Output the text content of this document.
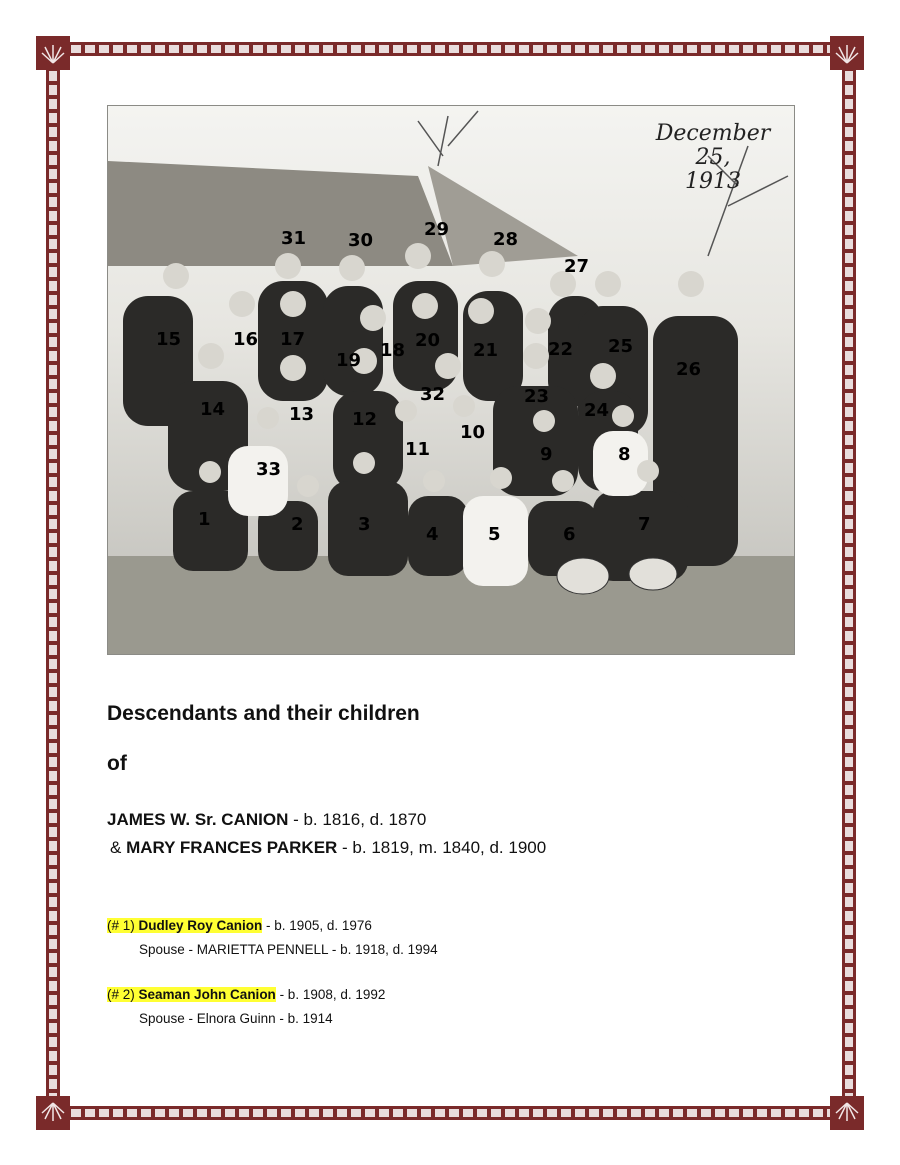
December 25,
1913
1	2	3	4	5	6	7
8
9
10
11
12
13
14
15	16 17
18
19
20 21	22
23
24
25
26
27
28
29
30
31
32
33
Descendants and their children
of
JAMES W. Sr. CANION - b. 1816, d. 1870
& MARY FRANCES PARKER - b. 1819, m. 1840, d. 1900
(# 1) Dudley Roy Canion - b. 1905, d. 1976
Spouse - MARIETTA PENNELL - b. 1918, d. 1994
(# 2) Seaman John Canion - b. 1908, d. 1992
Spouse - Elnora Guinn - b. 1914
